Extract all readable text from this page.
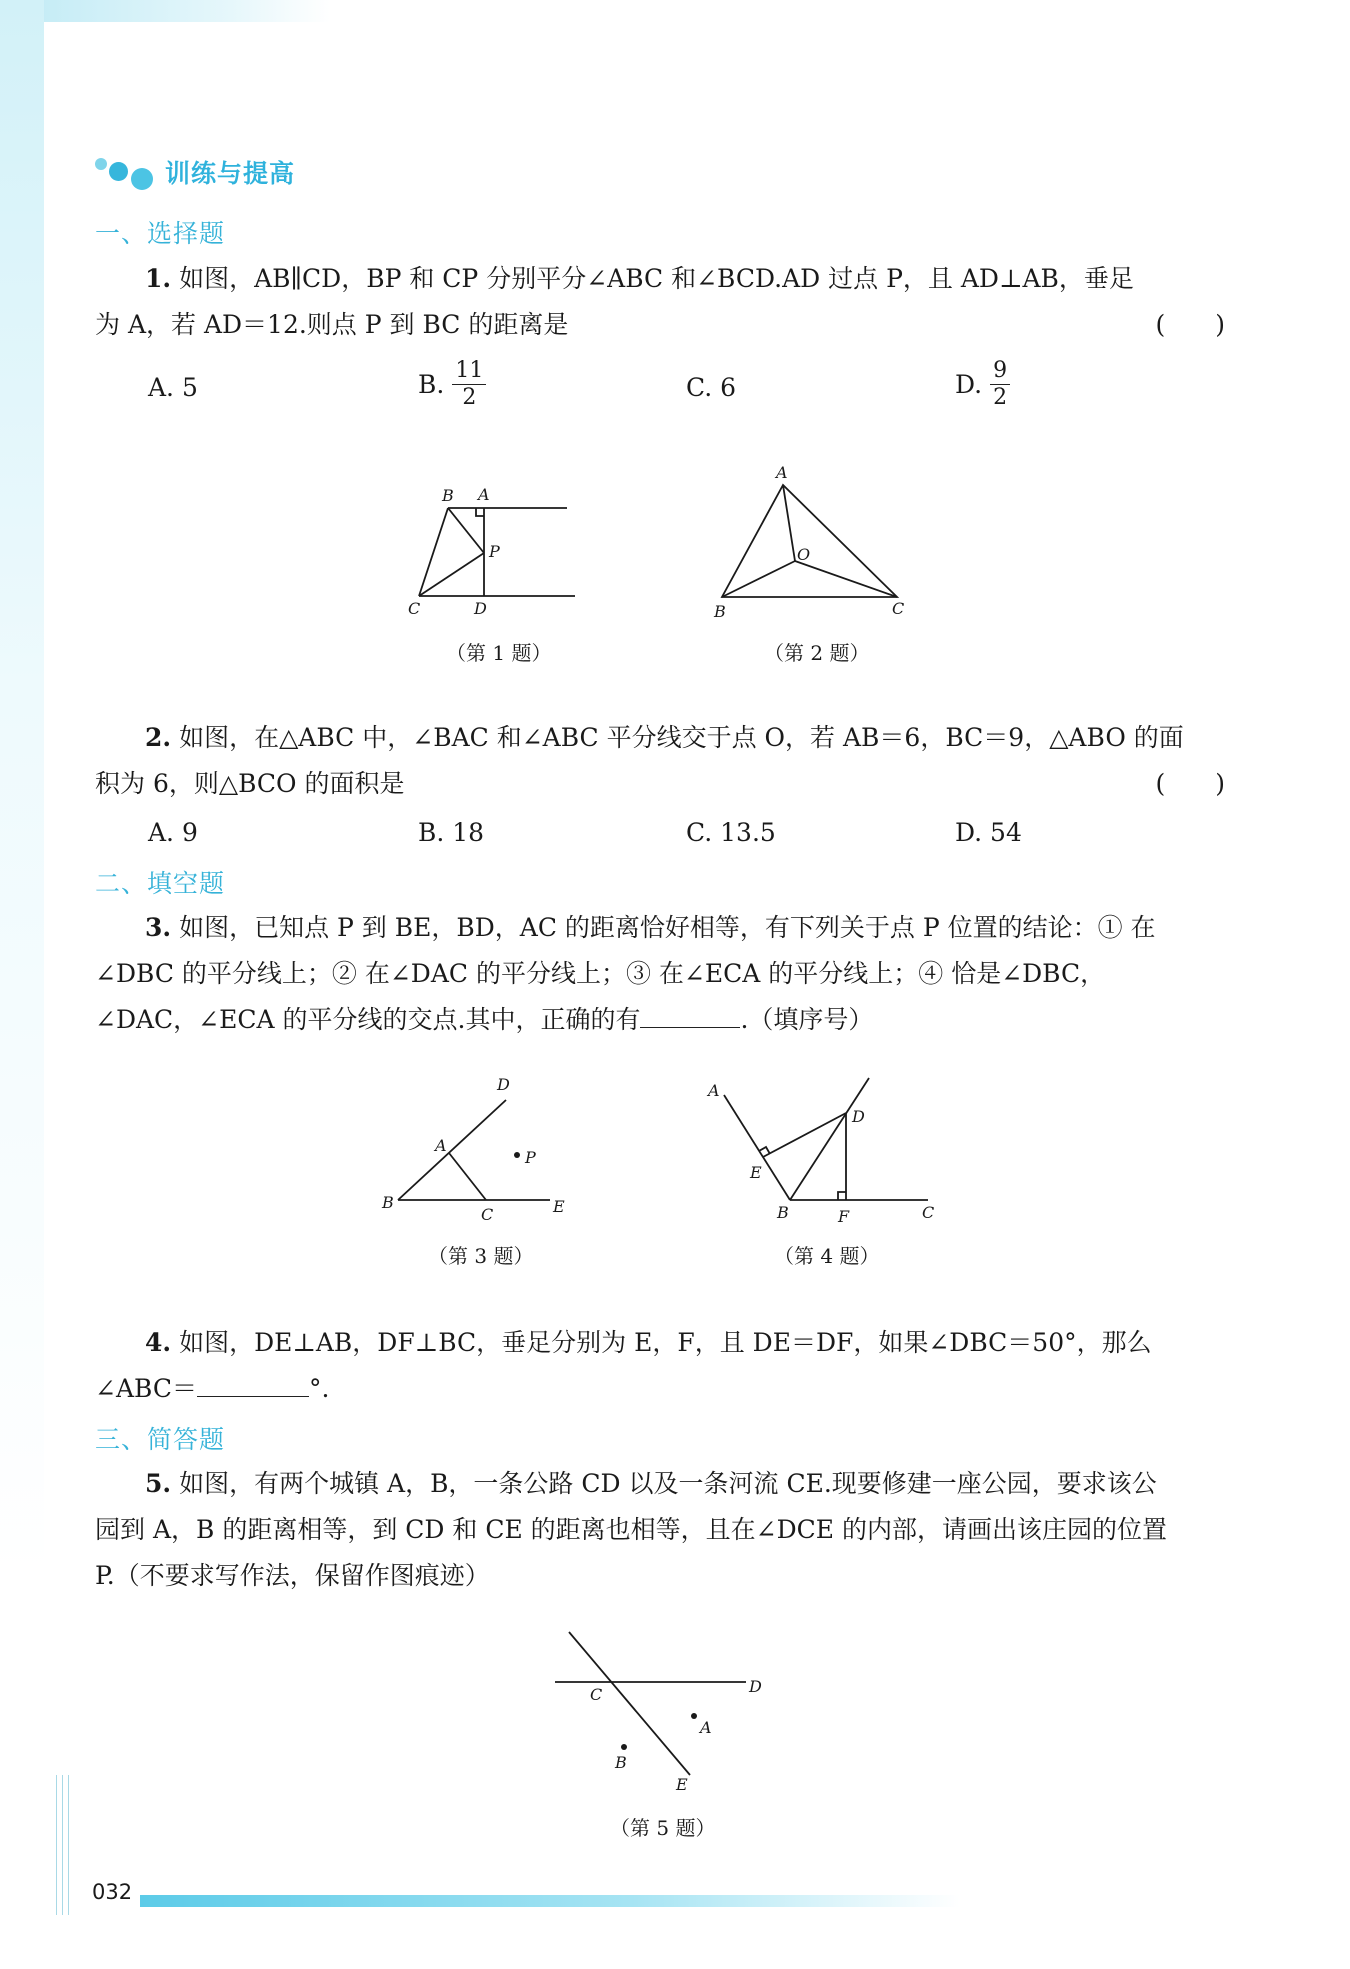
训练与提高
一、选择题
1. 如图，AB∥CD，BP 和 CP 分别平分∠ABC 和∠BCD.AD 过点 P，且 AD⊥AB，垂足
为 A，若 AD＝12.则点 P 到 BC 的距离是	(　　)
A. 5	B. $\frac{11}{2}$	C. 6	D. $\frac{9}{2}$
B A
P
C	D
A
O
B	C
D
A
P
B
C	E
A
D
E
B	F	C
C	D
A
B
E
（第 1 题）	（第 2 题）
2. 如图，在△ABC 中，∠BAC 和∠ABC 平分线交于点 O，若 AB＝6，BC＝9，△ABO 的面
积为 6，则△BCO 的面积是	(　　)
A. 9	B. 18	C. 13.5	D. 54
二、填空题
3. 如图，已知点 P 到 BE，BD，AC 的距离恰好相等，有下列关于点 P 位置的结论：① 在
∠DBC 的平分线上；② 在∠DAC 的平分线上；③ 在∠ECA 的平分线上；④ 恰是∠DBC，
∠DAC，∠ECA 的平分线的交点.其中，正确的有	.（填序号）
（第 3 题）	（第 4 题）
4. 如图，DE⊥AB，DF⊥BC，垂足分别为 E，F，且 DE＝DF，如果∠DBC＝50°，那么
∠ABC＝	°.
三、简答题
5. 如图，有两个城镇 A，B，一条公路 CD 以及一条河流 CE.现要修建一座公园，要求该公
园到 A，B 的距离相等，到 CD 和 CE 的距离也相等，且在∠DCE 的内部，请画出该庄园的位置
P.（不要求写作法，保留作图痕迹）
（第 5 题）
032
